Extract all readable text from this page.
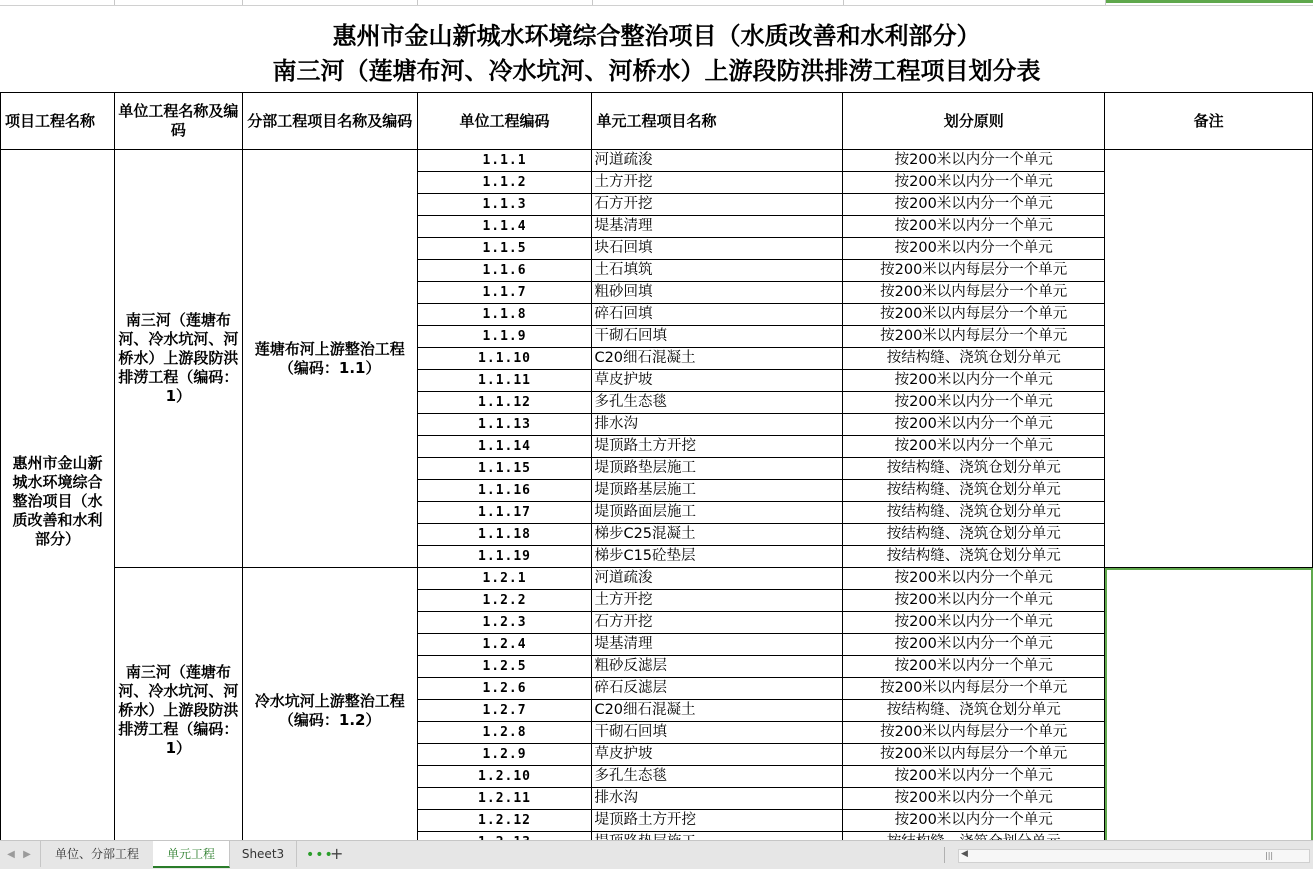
惠州市金山新城水环境综合整治项目（水质改善和水利部分）
南三河（莲塘布河、冷水坑河、河桥水）上游段防洪排涝工程项目划分表
项目工程名称	单位工程名称及编码	分部工程项目名称及编码	单位工程编码	单元工程项目名称	划分原则	备注
惠州市金山新城水环境综合整治项目（水质改善和水利部分）	南三河（莲塘布河、冷水坑河、河桥水）上游段防洪排涝工程（编码：1）	莲塘布河上游整治工程（编码：1.1）	1.1.1	河道疏浚	按200米以内分一个单元	
			1.1.2	土方开挖	按200米以内分一个单元	
			1.1.3	石方开挖	按200米以内分一个单元	
			1.1.4	堤基清理	按200米以内分一个单元	
			1.1.5	块石回填	按200米以内分一个单元	
			1.1.6	土石填筑	按200米以内每层分一个单元	
			1.1.7	粗砂回填	按200米以内每层分一个单元	
			1.1.8	碎石回填	按200米以内每层分一个单元	
			1.1.9	干砌石回填	按200米以内每层分一个单元	
			1.1.10	C20细石混凝土	按结构缝、浇筑仓划分单元	
			1.1.11	草皮护坡	按200米以内分一个单元	
			1.1.12	多孔生态毯	按200米以内分一个单元	
			1.1.13	排水沟	按200米以内分一个单元	
			1.1.14	堤顶路土方开挖	按200米以内分一个单元	
			1.1.15	堤顶路垫层施工	按结构缝、浇筑仓划分单元	
			1.1.16	堤顶路基层施工	按结构缝、浇筑仓划分单元	
			1.1.17	堤顶路面层施工	按结构缝、浇筑仓划分单元	
			1.1.18	梯步C25混凝土	按结构缝、浇筑仓划分单元	
			1.1.19	梯步C15砼垫层	按结构缝、浇筑仓划分单元	
	南三河（莲塘布河、冷水坑河、河桥水）上游段防洪排涝工程（编码：1）	冷水坑河上游整治工程（编码：1.2）	1.2.1	河道疏浚	按200米以内分一个单元	
			1.2.2	土方开挖	按200米以内分一个单元	
			1.2.3	石方开挖	按200米以内分一个单元	
			1.2.4	堤基清理	按200米以内分一个单元	
			1.2.5	粗砂反滤层	按200米以内分一个单元	
			1.2.6	碎石反滤层	按200米以内每层分一个单元	
			1.2.7	C20细石混凝土	按结构缝、浇筑仓划分单元	
			1.2.8	干砌石回填	按200米以内每层分一个单元	
			1.2.9	草皮护坡	按200米以内每层分一个单元	
			1.2.10	多孔生态毯	按200米以内分一个单元	
			1.2.11	排水沟	按200米以内分一个单元	
			1.2.12	堤顶路土方开挖	按200米以内分一个单元	

◀ ▶	单位、分部工程	单元工程	Sheet3	•••
+	◀	|||
